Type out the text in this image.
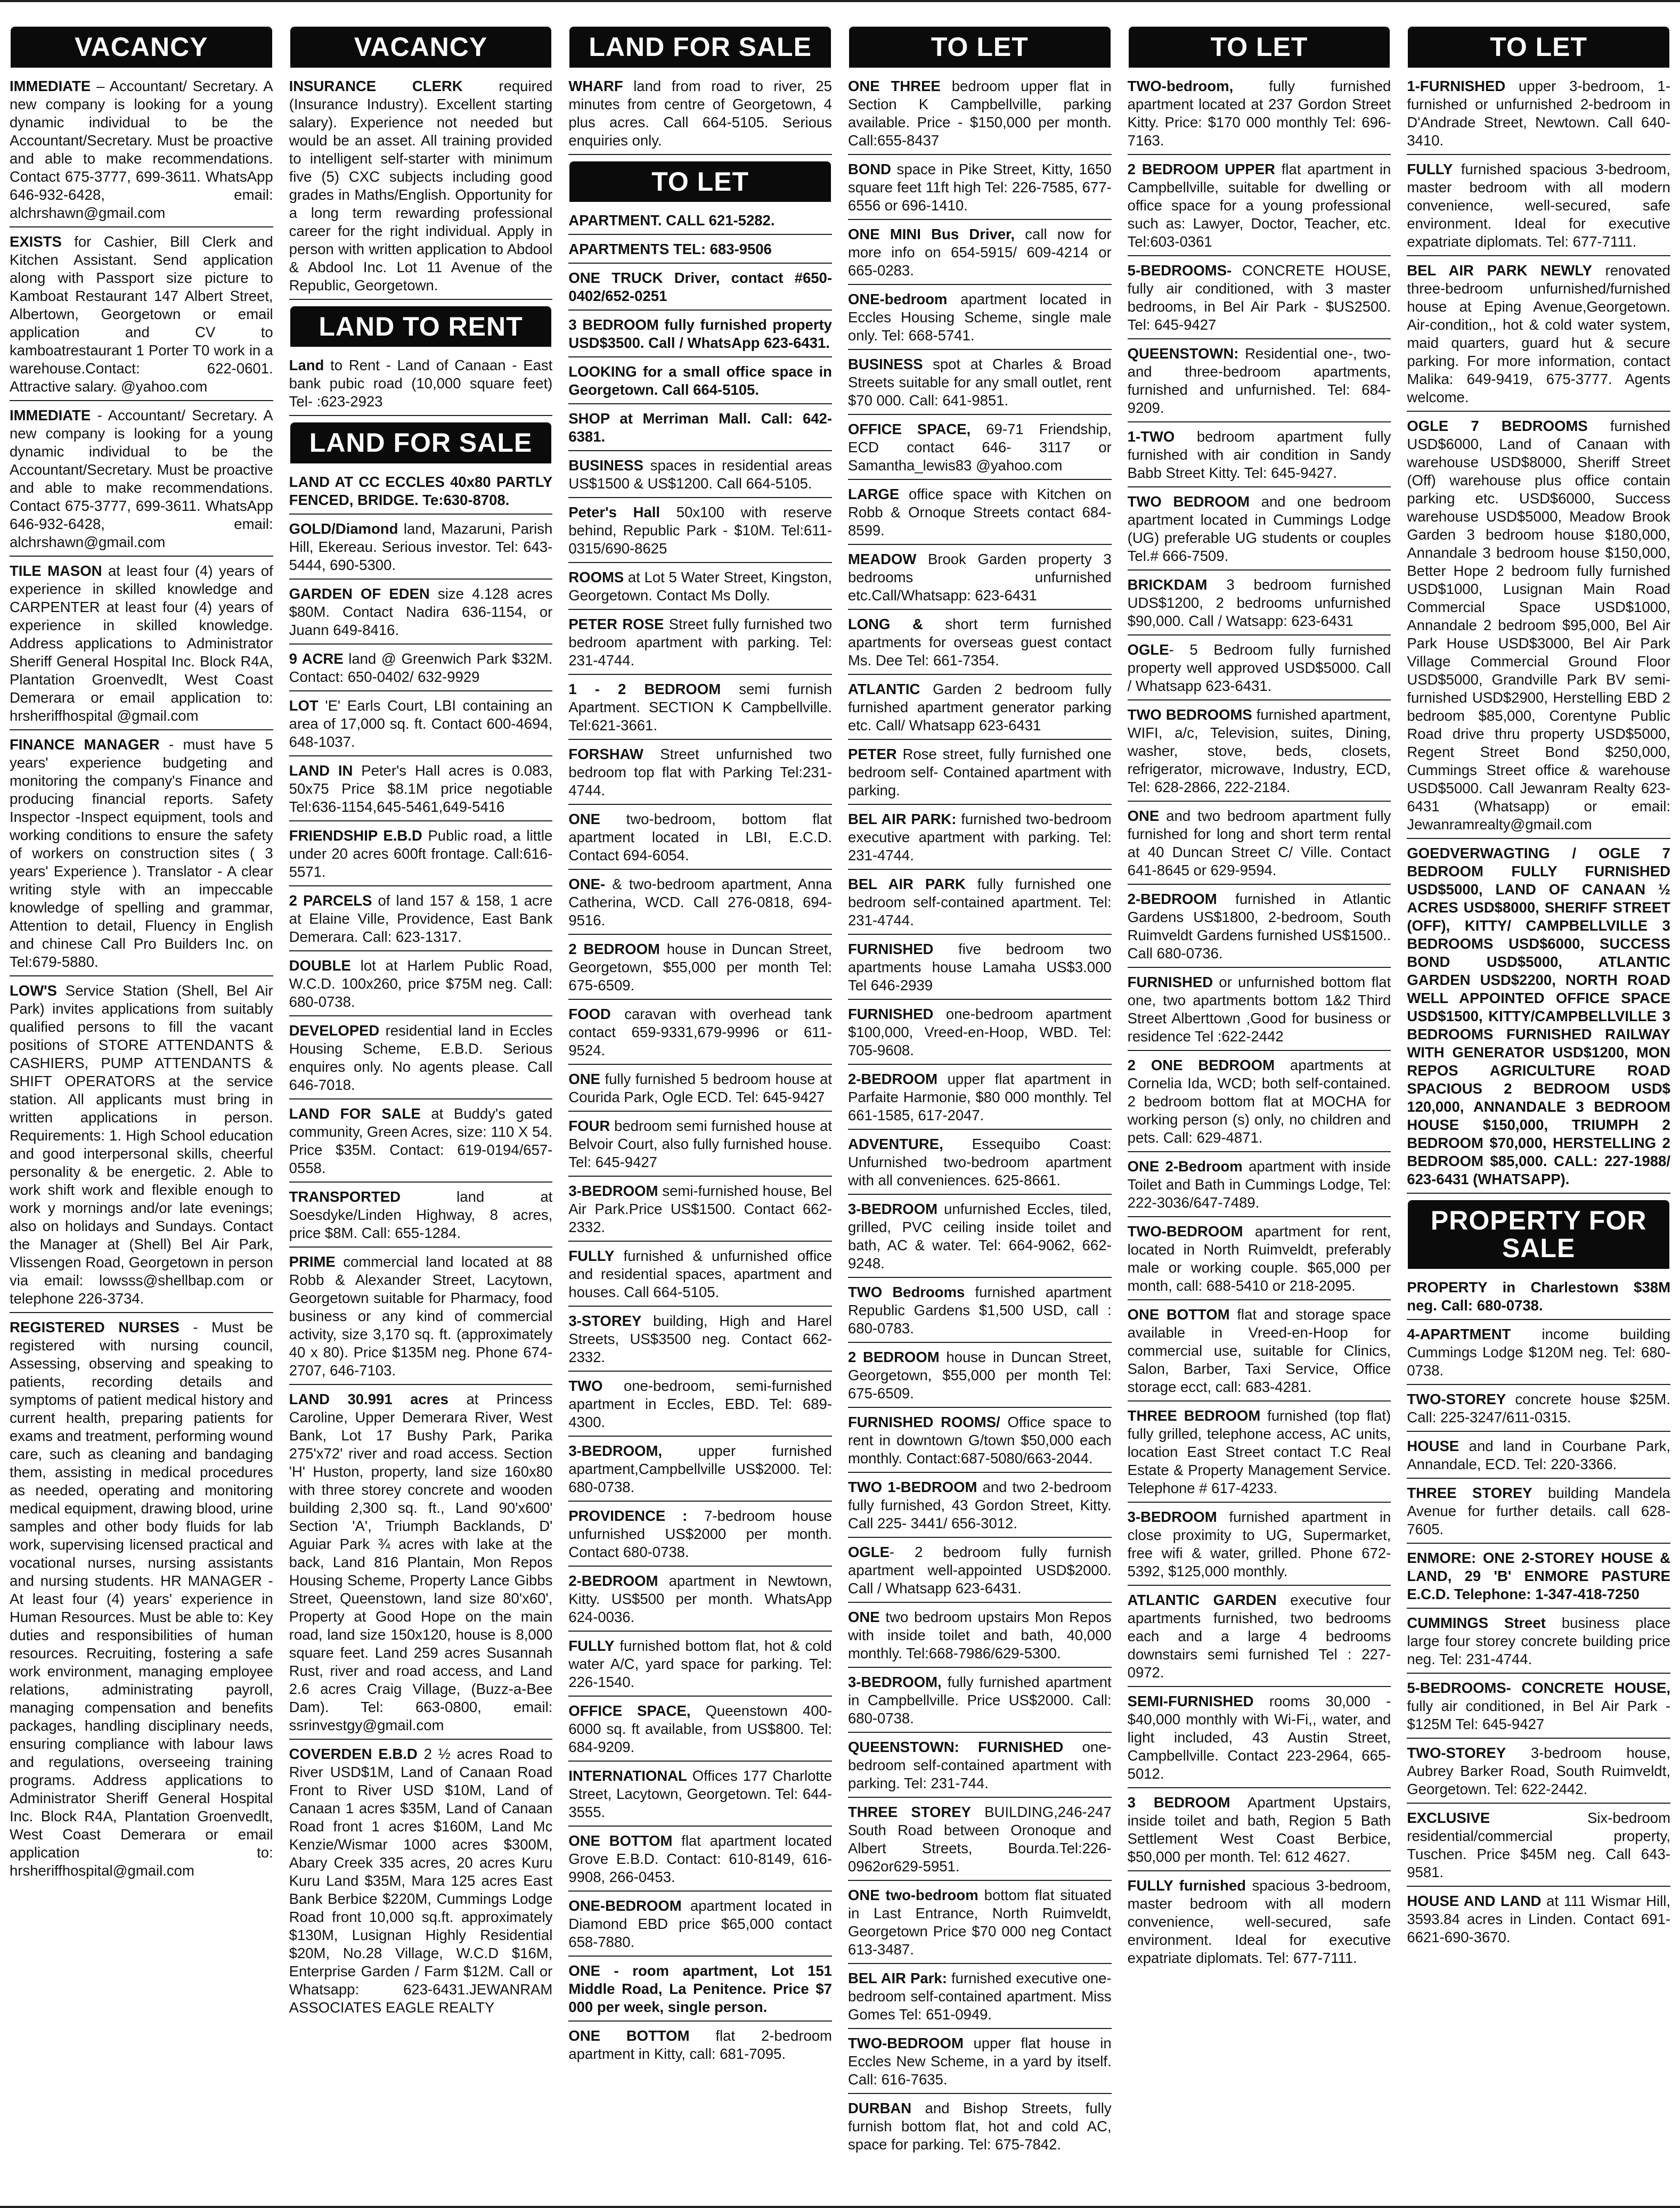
VACANCY
IMMEDIATE – Accountant/ Secretary. A new company is looking for a young dynamic individual to be the Accountant/Secretary. Must be proactive and able to make recommendations. Contact 675-3777, 699-3611. WhatsApp 646-932-6428, email: alchrshawn@gmail.com
EXISTS for Cashier, Bill Clerk and Kitchen Assistant. Send application along with Passport size picture to Kamboat Restaurant 147 Albert Street, Albertown, Georgetown or email application and CV to kamboatrestaurant 1 Porter T0 work in a warehouse.Contact: 622-0601. Attractive salary. @yahoo.com
IMMEDIATE - Accountant/ Secretary. A new company is looking for a young dynamic individual to be the Accountant/Secretary. Must be proactive and able to make recommendations. Contact 675-3777, 699-3611. WhatsApp 646-932-6428, email: alchrshawn@gmail.com
TILE MASON at least four (4) years of experience in skilled knowledge and CARPENTER at least four (4) years of experience in skilled knowledge. Address applications to Administrator Sheriff General Hospital Inc. Block R4A, Plantation Groenvedlt, West Coast Demerara or email application to: hrsheriffhospital @gmail.com
FINANCE MANAGER - must have 5 years' experience budgeting and monitoring the company's Finance and producing financial reports. Safety Inspector -Inspect equipment, tools and working conditions to ensure the safety of workers on construction sites ( 3 years' Experience ). Translator - A clear writing style with an impeccable knowledge of spelling and grammar, Attention to detail, Fluency in English and chinese Call Pro Builders Inc. on Tel:679-5880.
LOW'S Service Station (Shell, Bel Air Park) invites applications from suitably qualified persons to fill the vacant positions of STORE ATTENDANTS & CASHIERS, PUMP ATTENDANTS & SHIFT OPERATORS at the service station. All applicants must bring in written applications in person. Requirements: 1. High School education and good interpersonal skills, cheerful personality & be energetic. 2. Able to work shift work and flexible enough to work y mornings and/or late evenings; also on holidays and Sundays. Contact the Manager at (Shell) Bel Air Park, Vlissengen Road, Georgetown in person via email: lowsss@shellbap.com or telephone 226-3734.
REGISTERED NURSES - Must be registered with nursing council, Assessing, observing and speaking to patients, recording details and symptoms of patient medical history and current health, preparing patients for exams and treatment, performing wound care, such as cleaning and bandaging them, assisting in medical procedures as needed, operating and monitoring medical equipment, drawing blood, urine samples and other body fluids for lab work, supervising licensed practical and vocational nurses, nursing assistants and nursing students. HR MANAGER - At least four (4) years' experience in Human Resources. Must be able to: Key duties and responsibilities of human resources. Recruiting, fostering a safe work environment, managing employee relations, administrating payroll, managing compensation and benefits packages, handling disciplinary needs, ensuring compliance with labour laws and regulations, overseeing training programs. Address applications to Administrator Sheriff General Hospital Inc. Block R4A, Plantation Groenvedlt, West Coast Demerara or email application to: hrsheriffhospital@gmail.com
VACANCY
INSURANCE CLERK required (Insurance Industry). Excellent starting salary). Experience not needed but would be an asset. All training provided to intelligent self-starter with minimum five (5) CXC subjects including good grades in Maths/English. Opportunity for a long term rewarding professional career for the right individual. Apply in person with written application to Abdool & Abdool Inc. Lot 11 Avenue of the Republic, Georgetown.
LAND TO RENT
Land to Rent - Land of Canaan - East bank pubic road (10,000 square feet) Tel- :623-2923
LAND FOR SALE
LAND AT CC ECCLES 40x80 PARTLY FENCED, BRIDGE. Te:630-8708.
GOLD/Diamond land, Mazaruni, Parish Hill, Ekereau. Serious investor. Tel: 643-5444, 690-5300.
GARDEN OF EDEN size 4.128 acres $80M. Contact Nadira 636-1154, or Juann 649-8416.
9 ACRE land @ Greenwich Park $32M. Contact: 650-0402/ 632-9929
LOT 'E' Earls Court, LBI containing an area of 17,000 sq. ft. Contact 600-4694, 648-1037.
LAND IN Peter's Hall acres is 0.083, 50x75 Price $8.1M price negotiable Tel:636-1154,645-5461,649-5416
FRIENDSHIP E.B.D Public road, a little under 20 acres 600ft frontage. Call:616-5571.
2 PARCELS of land 157 & 158, 1 acre at Elaine Ville, Providence, East Bank Demerara. Call: 623-1317.
DOUBLE lot at Harlem Public Road, W.C.D. 100x260, price $75M neg. Call: 680-0738.
DEVELOPED residential land in Eccles Housing Scheme, E.B.D. Serious enquires only. No agents please. Call 646-7018.
LAND FOR SALE at Buddy's gated community, Green Acres, size: 110 X 54. Price $35M. Contact: 619-0194/657-0558.
TRANSPORTED land at Soesdyke/Linden Highway, 8 acres, price $8M. Call: 655-1284.
PRIME commercial land located at 88 Robb & Alexander Street, Lacytown, Georgetown suitable for Pharmacy, food business or any kind of commercial activity, size 3,170 sq. ft. (approximately 40 x 80). Price $135M neg. Phone 674-2707, 646-7103.
LAND 30.991 acres at Princess Caroline, Upper Demerara River, West Bank, Lot 17 Bushy Park, Parika 275'x72' river and road access. Section 'H' Huston, property, land size 160x80 with three storey concrete and wooden building 2,300 sq. ft., Land 90'x600' Section 'A', Triumph Backlands, D' Aguiar Park ¾ acres with lake at the back, Land 816 Plantain, Mon Repos Housing Scheme, Property Lance Gibbs Street, Queenstown, land size 80'x60', Property at Good Hope on the main road, land size 150x120, house is 8,000 square feet. Land 259 acres Susannah Rust, river and road access, and Land 2.6 acres Craig Village, (Buzz-a-Bee Dam). Tel: 663-0800, email: ssrinvestgy@gmail.com
COVERDEN E.B.D 2 ½ acres Road to River USD$1M, Land of Canaan Road Front to River USD $10M, Land of Canaan 1 acres $35M, Land of Canaan Road front 1 acres $160M, Land Mc Kenzie/Wismar 1000 acres $300M, Abary Creek 335 acres, 20 acres Kuru Kuru Land $35M, Mara 125 acres East Bank Berbice $220M, Cummings Lodge Road front 10,000 sq.ft. approximately $130M, Lusignan Highly Residential $20M, No.28 Village, W.C.D $16M, Enterprise Garden / Farm $12M. Call or Whatsapp: 623-6431.JEWANRAM ASSOCIATES EAGLE REALTY
LAND FOR SALE
WHARF land from road to river, 25 minutes from centre of Georgetown, 4 plus acres. Call 664-5105. Serious enquiries only.
TO LET
APARTMENT. CALL 621-5282.
APARTMENTS TEL: 683-9506
ONE TRUCK Driver, contact #650-0402/652-0251
3 BEDROOM fully furnished property USD$3500. Call / WhatsApp 623-6431.
LOOKING for a small office space in Georgetown. Call 664-5105.
SHOP at Merriman Mall. Call: 642-6381.
BUSINESS spaces in residential areas US$1500 & US$1200. Call 664-5105.
Peter's Hall 50x100 with reserve behind, Republic Park - $10M. Tel:611-0315/690-8625
ROOMS at Lot 5 Water Street, Kingston, Georgetown. Contact Ms Dolly.
PETER ROSE Street fully furnished two bedroom apartment with parking. Tel: 231-4744.
1 - 2 BEDROOM semi furnish Apartment. SECTION K Campbellville. Tel:621-3661.
FORSHAW Street unfurnished two bedroom top flat with Parking Tel:231-4744.
ONE two-bedroom, bottom flat apartment located in LBI, E.C.D. Contact 694-6054.
ONE- & two-bedroom apartment, Anna Catherina, WCD. Call 276-0818, 694-9516.
2 BEDROOM house in Duncan Street, Georgetown, $55,000 per month Tel: 675-6509.
FOOD caravan with overhead tank contact 659-9331,679-9996 or 611-9524.
ONE fully furnished 5 bedroom house at Courida Park, Ogle ECD. Tel: 645-9427
FOUR bedroom semi furnished house at Belvoir Court, also fully furnished house. Tel: 645-9427
3-BEDROOM semi-furnished house, Bel Air Park.Price US$1500. Contact 662-2332.
FULLY furnished & unfurnished office and residential spaces, apartment and houses. Call 664-5105.
3-STOREY building, High and Harel Streets, US$3500 neg. Contact 662-2332.
TWO one-bedroom, semi-furnished apartment in Eccles, EBD. Tel: 689-4300.
3-BEDROOM, upper furnished apartment,Campbellville US$2000. Tel: 680-0738.
PROVIDENCE : 7-bedroom house unfurnished US$2000 per month. Contact 680-0738.
2-BEDROOM apartment in Newtown, Kitty. US$500 per month. WhatsApp 624-0036.
FULLY furnished bottom flat, hot & cold water A/C, yard space for parking. Tel: 226-1540.
OFFICE SPACE, Queenstown 400-6000 sq. ft available, from US$800. Tel: 684-9209.
INTERNATIONAL Offices 177 Charlotte Street, Lacytown, Georgetown. Tel: 644-3555.
ONE BOTTOM flat apartment located Grove E.B.D. Contact: 610-8149, 616-9908, 266-0453.
ONE-BEDROOM apartment located in Diamond EBD price $65,000 contact 658-7880.
ONE - room apartment, Lot 151 Middle Road, La Penitence. Price $7 000 per week, single person.
ONE BOTTOM flat 2-bedroom apartment in Kitty, call: 681-7095.
TO LET
ONE THREE bedroom upper flat in Section K Campbellville, parking available. Price - $150,000 per month. Call:655-8437
BOND space in Pike Street, Kitty, 1650 square feet 11ft high Tel: 226-7585, 677-6556 or 696-1410.
ONE MINI Bus Driver, call now for more info on 654-5915/ 609-4214 or 665-0283.
ONE-bedroom apartment located in Eccles Housing Scheme, single male only. Tel: 668-5741.
BUSINESS spot at Charles & Broad Streets suitable for any small outlet, rent $70 000. Call: 641-9851.
OFFICE SPACE, 69-71 Friendship, ECD contact 646- 3117 or Samantha_lewis83 @yahoo.com
LARGE office space with Kitchen on Robb & Ornoque Streets contact 684-8599.
MEADOW Brook Garden property 3 bedrooms unfurnished etc.Call/Whatsapp: 623-6431
LONG & short term furnished apartments for overseas guest contact Ms. Dee Tel: 661-7354.
ATLANTIC Garden 2 bedroom fully furnished apartment generator parking etc. Call/ Whatsapp 623-6431
PETER Rose street, fully furnished one bedroom self- Contained apartment with parking.
BEL AIR PARK: furnished two-bedroom executive apartment with parking. Tel: 231-4744.
BEL AIR PARK fully furnished one bedroom self-contained apartment. Tel: 231-4744.
FURNISHED five bedroom two apartments house Lamaha US$3.000 Tel 646-2939
FURNISHED one-bedroom apartment $100,000, Vreed-en-Hoop, WBD. Tel: 705-9608.
2-BEDROOM upper flat apartment in Parfaite Harmonie, $80 000 monthly. Tel 661-1585, 617-2047.
ADVENTURE, Essequibo Coast: Unfurnished two-bedroom apartment with all conveniences. 625-8661.
3-BEDROOM unfurnished Eccles, tiled, grilled, PVC ceiling inside toilet and bath, AC & water. Tel: 664-9062, 662-9248.
TWO Bedrooms furnished apartment Republic Gardens $1,500 USD, call : 680-0783.
2 BEDROOM house in Duncan Street, Georgetown, $55,000 per month Tel: 675-6509.
FURNISHED ROOMS/ Office space to rent in downtown G/town $50,000 each monthly. Contact:687-5080/663-2044.
TWO 1-BEDROOM and two 2-bedroom fully furnished, 43 Gordon Street, Kitty. Call 225- 3441/ 656-3012.
OGLE- 2 bedroom fully furnish apartment well-appointed USD$2000. Call / Whatsapp 623-6431.
ONE two bedroom upstairs Mon Repos with inside toilet and bath, 40,000 monthly. Tel:668-7986/629-5300.
3-BEDROOM, fully furnished apartment in Campbellville. Price US$2000. Call: 680-0738.
QUEENSTOWN: FURNISHED one-bedroom self-contained apartment with parking. Tel: 231-744.
THREE STOREY BUILDING,246-247 South Road between Oronoque and Albert Streets, Bourda.Tel:226-0962or629-5951.
ONE two-bedroom bottom flat situated in Last Entrance, North Ruimveldt, Georgetown Price $70 000 neg Contact 613-3487.
BEL AIR Park: furnished executive one-bedroom self-contained apartment. Miss Gomes Tel: 651-0949.
TWO-BEDROOM upper flat house in Eccles New Scheme, in a yard by itself. Call: 616-7635.
DURBAN and Bishop Streets, fully furnish bottom flat, hot and cold AC, space for parking. Tel: 675-7842.
TO LET
TWO-bedroom, fully furnished apartment located at 237 Gordon Street Kitty. Price: $170 000 monthly Tel: 696-7163.
2 BEDROOM UPPER flat apartment in Campbellville, suitable for dwelling or office space for a young professional such as: Lawyer, Doctor, Teacher, etc. Tel:603-0361
5-BEDROOMS- CONCRETE HOUSE, fully air conditioned, with 3 master bedrooms, in Bel Air Park - $US2500. Tel: 645-9427
QUEENSTOWN: Residential one-, two- and three-bedroom apartments, furnished and unfurnished. Tel: 684-9209.
1-TWO bedroom apartment fully furnished with air condition in Sandy Babb Street Kitty. Tel: 645-9427.
TWO BEDROOM and one bedroom apartment located in Cummings Lodge (UG) preferable UG students or couples Tel.# 666-7509.
BRICKDAM 3 bedroom furnished UDS$1200, 2 bedrooms unfurnished $90,000. Call / Watsapp: 623-6431
OGLE- 5 Bedroom fully furnished property well approved USD$5000. Call / Whatsapp 623-6431.
TWO BEDROOMS furnished apartment, WIFI, a/c, Television, suites, Dining, washer, stove, beds, closets, refrigerator, microwave, Industry, ECD, Tel: 628-2866, 222-2184.
ONE and two bedroom apartment fully furnished for long and short term rental at 40 Duncan Street C/ Ville. Contact 641-8645 or 629-9594.
2-BEDROOM furnished in Atlantic Gardens US$1800, 2-bedroom, South Ruimveldt Gardens furnished US$1500.. Call 680-0736.
FURNISHED or unfurnished bottom flat one, two apartments bottom 1&2 Third Street Alberttown ,Good for business or residence Tel :622-2442
2 ONE BEDROOM apartments at Cornelia Ida, WCD; both self-contained. 2 bedroom bottom flat at MOCHA for working person (s) only, no children and pets. Call: 629-4871.
ONE 2-Bedroom apartment with inside Toilet and Bath in Cummings Lodge, Tel: 222-3036/647-7489.
TWO-BEDROOM apartment for rent, located in North Ruimveldt, preferably male or working couple. $65,000 per month, call: 688-5410 or 218-2095.
ONE BOTTOM flat and storage space available in Vreed-en-Hoop for commercial use, suitable for Clinics, Salon, Barber, Taxi Service, Office storage ecct, call: 683-4281.
THREE BEDROOM furnished (top flat) fully grilled, telephone access, AC units, location East Street contact T.C Real Estate & Property Management Service. Telephone # 617-4233.
3-BEDROOM furnished apartment in close proximity to UG, Supermarket, free wifi & water, grilled. Phone 672-5392, $125,000 monthly.
ATLANTIC GARDEN executive four apartments furnished, two bedrooms each and a large 4 bedrooms downstairs semi furnished Tel : 227-0972.
SEMI-FURNISHED rooms 30,000 - $40,000 monthly with Wi-Fi,, water, and light included, 43 Austin Street, Campbellville. Contact 223-2964, 665-5012.
3 BEDROOM Apartment Upstairs, inside toilet and bath, Region 5 Bath Settlement West Coast Berbice, $50,000 per month. Tel: 612 4627.
FULLY furnished spacious 3-bedroom, master bedroom with all modern convenience, well-secured, safe environment. Ideal for executive expatriate diplomats. Tel: 677-7111.
TO LET
1-FURNISHED upper 3-bedroom, 1-furnished or unfurnished 2-bedroom in D'Andrade Street, Newtown. Call 640-3410.
FULLY furnished spacious 3-bedroom, master bedroom with all modern convenience, well-secured, safe environment. Ideal for executive expatriate diplomats. Tel: 677-7111.
BEL AIR PARK NEWLY renovated three-bedroom unfurnished/furnished house at Eping Avenue,Georgetown. Air-condition,, hot & cold water system, maid quarters, guard hut & secure parking. For more information, contact Malika: 649-9419, 675-3777. Agents welcome.
OGLE 7 BEDROOMS furnished USD$6000, Land of Canaan with warehouse USD$8000, Sheriff Street (Off) warehouse plus office contain parking etc. USD$6000, Success warehouse USD$5000, Meadow Brook Garden 3 bedroom house $180,000, Annandale 3 bedroom house $150,000, Better Hope 2 bedroom fully furnished USD$1000, Lusignan Main Road Commercial Space USD$1000, Annandale 2 bedroom $95,000, Bel Air Park House USD$3000, Bel Air Park Village Commercial Ground Floor USD$5000, Grandville Park BV semi- furnished USD$2900, Herstelling EBD 2 bedroom $85,000, Corentyne Public Road drive thru property USD$5000, Regent Street Bond $250,000, Cummings Street office & warehouse USD$5000. Call Jewanram Realty 623-6431 (Whatsapp) or email: Jewanramrealty@gmail.com
GOEDVERWAGTING / OGLE 7 BEDROOM FULLY FURNISHED USD$5000, LAND OF CANAAN ½ ACRES USD$8000, SHERIFF STREET (OFF), KITTY/ CAMPBELLVILLE 3 BEDROOMS USD$6000, SUCCESS BOND USD$5000, ATLANTIC GARDEN USD$2200, NORTH ROAD WELL APPOINTED OFFICE SPACE USD$1500, KITTY/CAMPBELLVILLE 3 BEDROOMS FURNISHED RAILWAY WITH GENERATOR USD$1200, MON REPOS AGRICULTURE ROAD SPACIOUS 2 BEDROOM USD$ 120,000, ANNANDALE 3 BEDROOM HOUSE $150,000, TRIUMPH 2 BEDROOM $70,000, HERSTELLING 2 BEDROOM $85,000. CALL: 227-1988/ 623-6431 (WHATSAPP).
PROPERTY FOR SALE
PROPERTY in Charlestown $38M neg. Call: 680-0738.
4-APARTMENT income building Cummings Lodge $120M neg. Tel: 680-0738.
TWO-STOREY concrete house $25M. Call: 225-3247/611-0315.
HOUSE and land in Courbane Park, Annandale, ECD. Tel: 220-3366.
THREE STOREY building Mandela Avenue for further details. call 628-7605.
ENMORE: ONE 2-STOREY HOUSE & LAND, 29 'B' ENMORE PASTURE E.C.D. Telephone: 1-347-418-7250
CUMMINGS Street business place large four storey concrete building price neg. Tel: 231-4744.
5-BEDROOMS- CONCRETE HOUSE, fully air conditioned, in Bel Air Park - $125M Tel: 645-9427
TWO-STOREY 3-bedroom house, Aubrey Barker Road, South Ruimveldt, Georgetown. Tel: 622-2442.
EXCLUSIVE Six-bedroom residential/commercial property, Tuschen. Price $45M neg. Call 643-9581.
HOUSE AND LAND at 111 Wismar Hill, 3593.84 acres in Linden. Contact 691-6621-690-3670.
